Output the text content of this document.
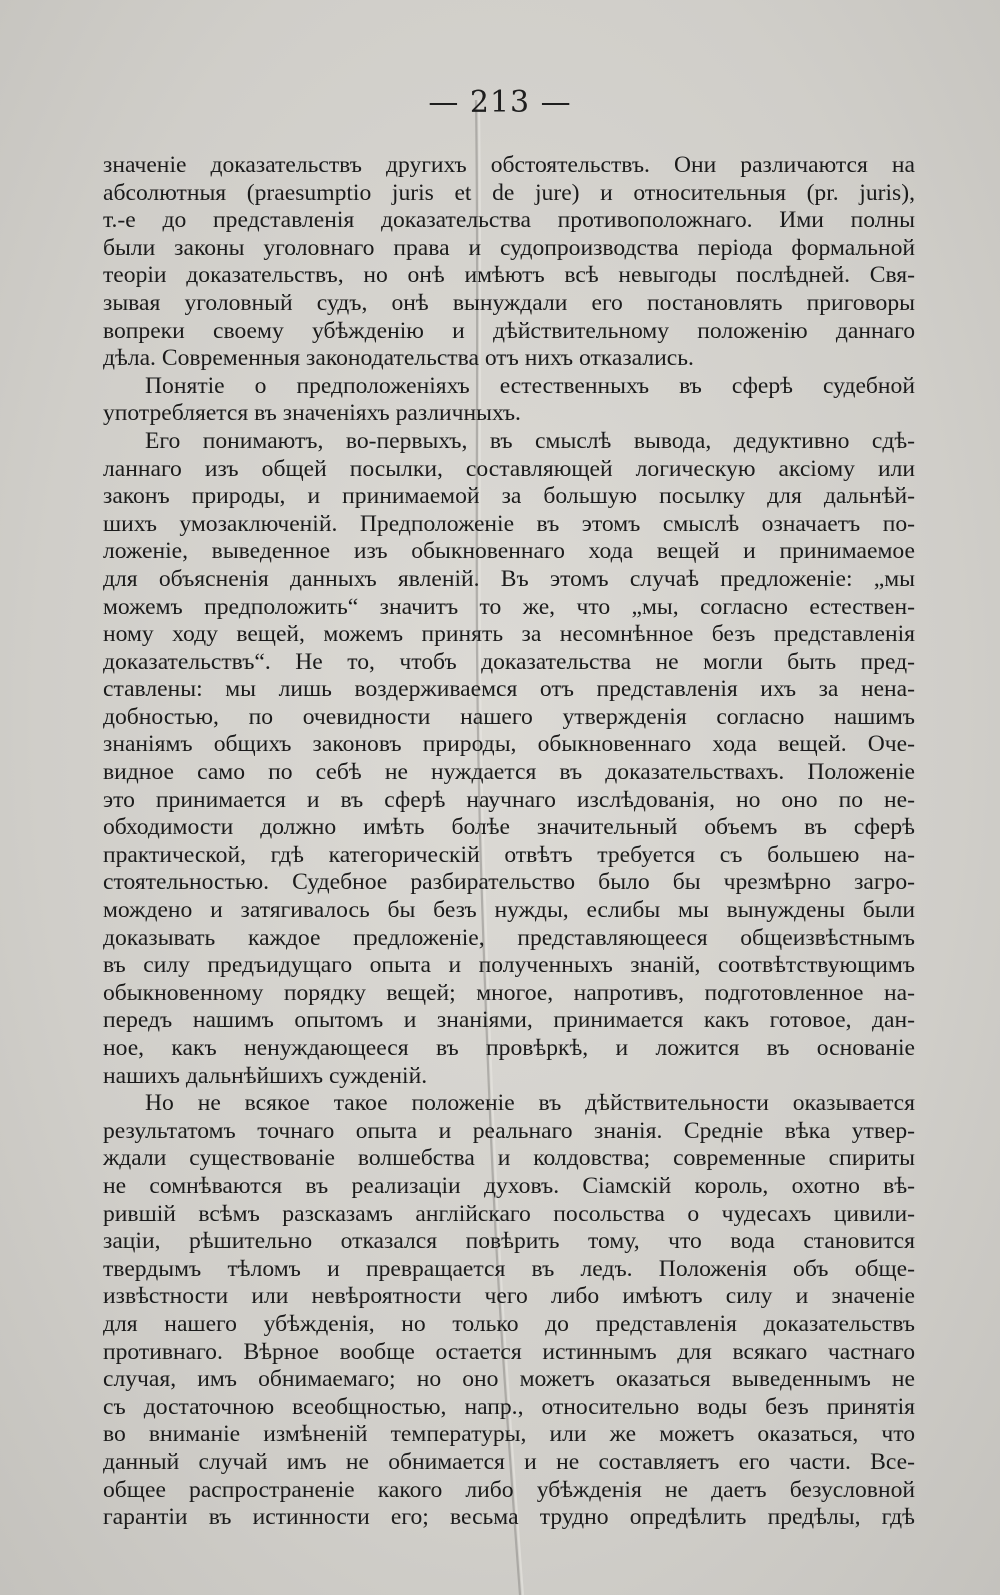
— 213 —
значеніе доказательствъ другихъ обстоятельствъ. Они различаются на
абсолютныя (praesumptio juris et de jure) и относительныя (pr. juris),
т.-е до представленія доказательства противоположнаго. Ими полны
были законы уголовнаго права и судопроизводства періода формальной
теоріи доказательствъ, но онѣ имѣютъ всѣ невыгоды послѣдней. Свя-
зывая уголовный судъ, онѣ вынуждали его постановлять приговоры
вопреки своему убѣжденію и дѣйствительному положенію даннаго
дѣла. Современныя законодательства отъ нихъ отказались.
Понятіе о предположеніяхъ естественныхъ въ сферѣ судебной
употребляется въ значеніяхъ различныхъ.
Его понимаютъ, во-первыхъ, въ смыслѣ вывода, дедуктивно сдѣ-
ланнаго изъ общей посылки, составляющей логическую аксіому или
законъ природы, и принимаемой за большую посылку для дальнѣй-
шихъ умозаключеній. Предположеніе въ этомъ смыслѣ означаетъ по-
ложеніе, выведенное изъ обыкновеннаго хода вещей и принимаемое
для объясненія данныхъ явленій. Въ этомъ случаѣ предложеніе: „мы
можемъ предположить“ значитъ то же, что „мы, согласно естествен-
ному ходу вещей, можемъ принять за несомнѣнное безъ представленія
доказательствъ“. Не то, чтобъ доказательства не могли быть пред-
ставлены: мы лишь воздерживаемся отъ представленія ихъ за нена-
добностью, по очевидности нашего утвержденія согласно нашимъ
знаніямъ общихъ законовъ природы, обыкновеннаго хода вещей. Оче-
видное само по себѣ не нуждается въ доказательствахъ. Положеніе
это принимается и въ сферѣ научнаго изслѣдованія, но оно по не-
обходимости должно имѣть болѣе значительный объемъ въ сферѣ
практической, гдѣ категорическій отвѣтъ требуется съ большею на-
стоятельностью. Судебное разбирательство было бы чрезмѣрно загро-
мождено и затягивалось бы безъ нужды, еслибы мы вынуждены были
доказывать каждое предложеніе, представляющееся общеизвѣстнымъ
въ силу предъидущаго опыта и полученныхъ знаній, соотвѣтствующимъ
обыкновенному порядку вещей; многое, напротивъ, подготовленное на-
передъ нашимъ опытомъ и знаніями, принимается какъ готовое, дан-
ное, какъ ненуждающееся въ провѣркѣ, и ложится въ основаніе
нашихъ дальнѣйшихъ сужденій.
Но не всякое такое положеніе въ дѣйствительности оказывается
результатомъ точнаго опыта и реальнаго знанія. Средніе вѣка утвер-
ждали существованіе волшебства и колдовства; современные спириты
не сомнѣваются въ реализаціи духовъ. Сіамскій король, охотно вѣ-
рившій всѣмъ разсказамъ англійскаго посольства о чудесахъ цивили-
заціи, рѣшительно отказался повѣрить тому, что вода становится
твердымъ тѣломъ и превращается въ ледъ. Положенія объ обще-
извѣстности или невѣроятности чего либо имѣютъ силу и значеніе
для нашего убѣжденія, но только до представленія доказательствъ
противнаго. Вѣрное вообще остается истиннымъ для всякаго частнаго
случая, имъ обнимаемаго; но оно можетъ оказаться выведеннымъ не
съ достаточною всеобщностью, напр., относительно воды безъ принятія
во вниманіе измѣненій температуры, или же можетъ оказаться, что
данный случай имъ не обнимается и не составляетъ его части. Все-
общее распространеніе какого либо убѣжденія не даетъ безусловной
гарантіи въ истинности его; весьма трудно опредѣлить предѣлы, гдѣ
